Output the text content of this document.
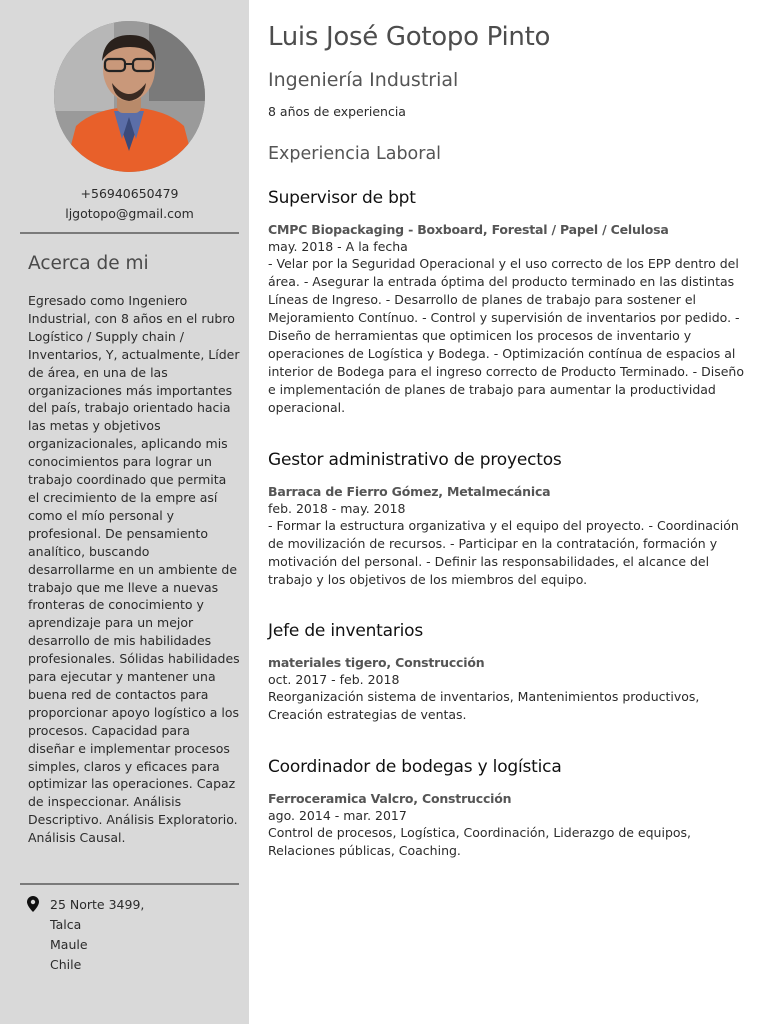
+56940650479
ljgotopo@gmail.com
Acerca de mi
Egresado como Ingeniero Industrial, con 8 años en el rubro Logístico / Supply chain / Inventarios, Y, actualmente, Líder de área, en una de las organizaciones más importantes del país, trabajo orientado hacia las metas y objetivos organizacionales, aplicando mis conocimientos para lograr un trabajo coordinado que permita el crecimiento de la empre así como el mío personal y profesional. De pensamiento analítico, buscando desarrollarme en un ambiente de trabajo que me lleve a nuevas fronteras de conocimiento y aprendizaje para un mejor desarrollo de mis habilidades profesionales. Sólidas habilidades para ejecutar y mantener una buena red de contactos para proporcionar apoyo logístico a los procesos. Capacidad para diseñar e implementar procesos simples, claros y eficaces para optimizar las operaciones. Capaz de inspeccionar. Análisis Descriptivo. Análisis Exploratorio. Análisis Causal.
25 Norte 3499,
Talca
Maule
Chile
Luis José Gotopo Pinto
Ingeniería Industrial
8 años de experiencia
Experiencia Laboral
Supervisor de bpt
CMPC Biopackaging - Boxboard, Forestal / Papel / Celulosa
may. 2018 - A la fecha
- Velar por la Seguridad Operacional y el uso correcto de los EPP dentro del área. - Asegurar la entrada óptima del producto terminado en las distintas Líneas de Ingreso. - Desarrollo de planes de trabajo para sostener el Mejoramiento Contínuo. - Control y supervisión de inventarios por pedido. - Diseño de herramientas que optimicen los procesos de inventario y operaciones de Logística y Bodega. - Optimización contínua de espacios al interior de Bodega para el ingreso correcto de Producto Terminado. - Diseño e implementación de planes de trabajo para aumentar la productividad operacional.
Gestor administrativo de proyectos
Barraca de Fierro Gómez, Metalmecánica
feb. 2018 - may. 2018
- Formar la estructura organizativa y el equipo del proyecto. - Coordinación de movilización de recursos. - Participar en la contratación, formación y motivación del personal. - Definir las responsabilidades, el alcance del trabajo y los objetivos de los miembros del equipo.
Jefe de inventarios
materiales tigero, Construcción
oct. 2017 - feb. 2018
Reorganización sistema de inventarios, Mantenimientos productivos, Creación estrategias de ventas.
Coordinador de bodegas y logística
Ferroceramica Valcro, Construcción
ago. 2014 - mar. 2017
Control de procesos, Logística, Coordinación, Liderazgo de equipos, Relaciones públicas, Coaching.
